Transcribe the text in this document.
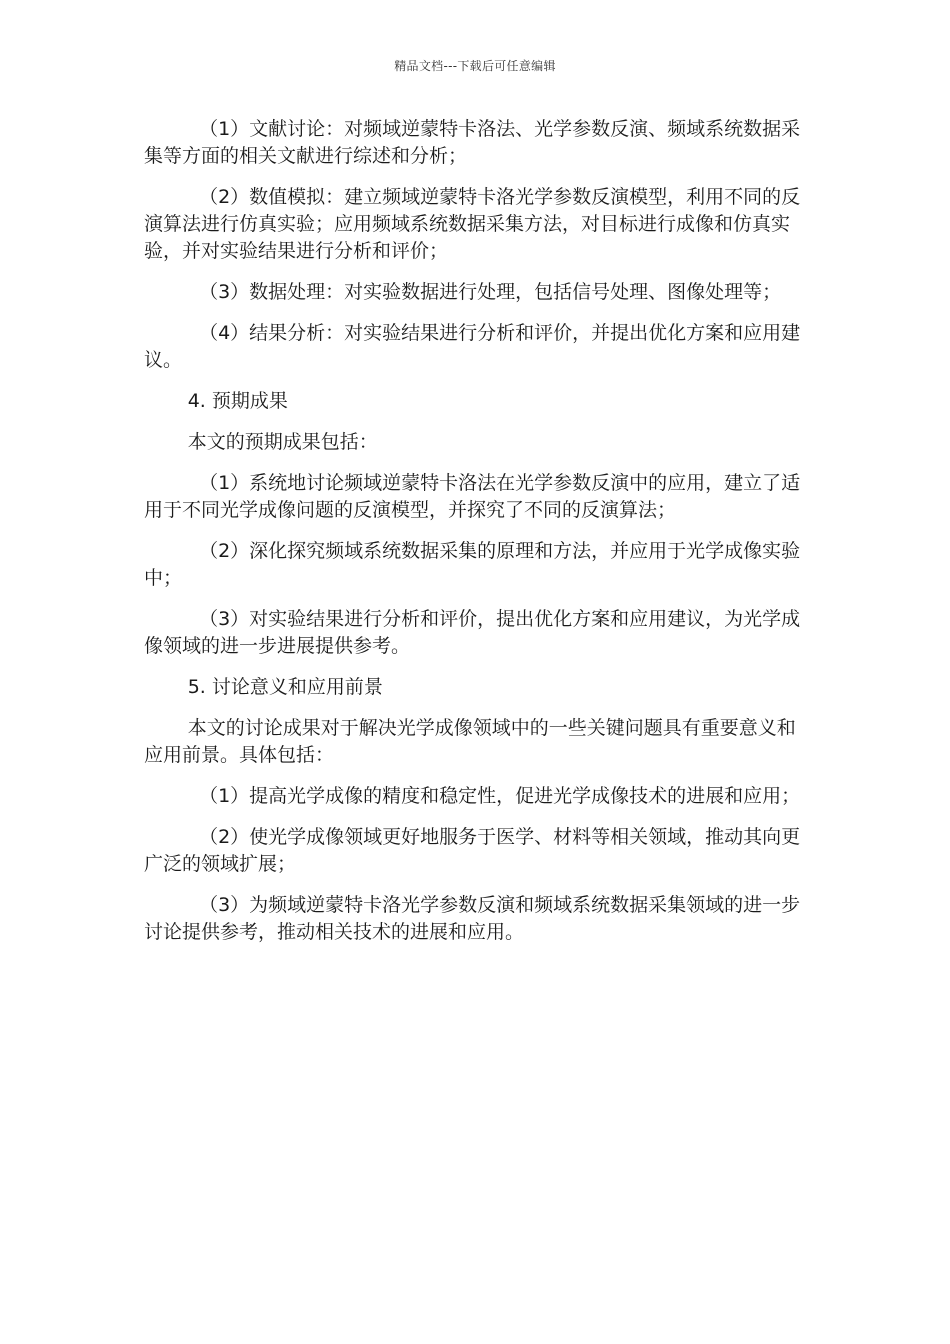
精品文档---下载后可任意编辑

（1）文献讨论：对频域逆蒙特卡洛法、光学参数反演、频域系统数据采集等方面的相关文献进行综述和分析；

（2）数值模拟：建立频域逆蒙特卡洛光学参数反演模型，利用不同的反演算法进行仿真实验；应用频域系统数据采集方法，对目标进行成像和仿真实验，并对实验结果进行分析和评价；

（3）数据处理：对实验数据进行处理，包括信号处理、图像处理等；

（4）结果分析：对实验结果进行分析和评价，并提出优化方案和应用建议。

4. 预期成果

本文的预期成果包括：

（1）系统地讨论频域逆蒙特卡洛法在光学参数反演中的应用，建立了适用于不同光学成像问题的反演模型，并探究了不同的反演算法；

（2）深化探究频域系统数据采集的原理和方法，并应用于光学成像实验中；

（3）对实验结果进行分析和评价，提出优化方案和应用建议，为光学成像领域的进一步进展提供参考。

5. 讨论意义和应用前景

本文的讨论成果对于解决光学成像领域中的一些关键问题具有重要意义和应用前景。具体包括：

（1）提高光学成像的精度和稳定性，促进光学成像技术的进展和应用；

（2）使光学成像领域更好地服务于医学、材料等相关领域，推动其向更广泛的领域扩展；

（3）为频域逆蒙特卡洛光学参数反演和频域系统数据采集领域的进一步讨论提供参考，推动相关技术的进展和应用。
